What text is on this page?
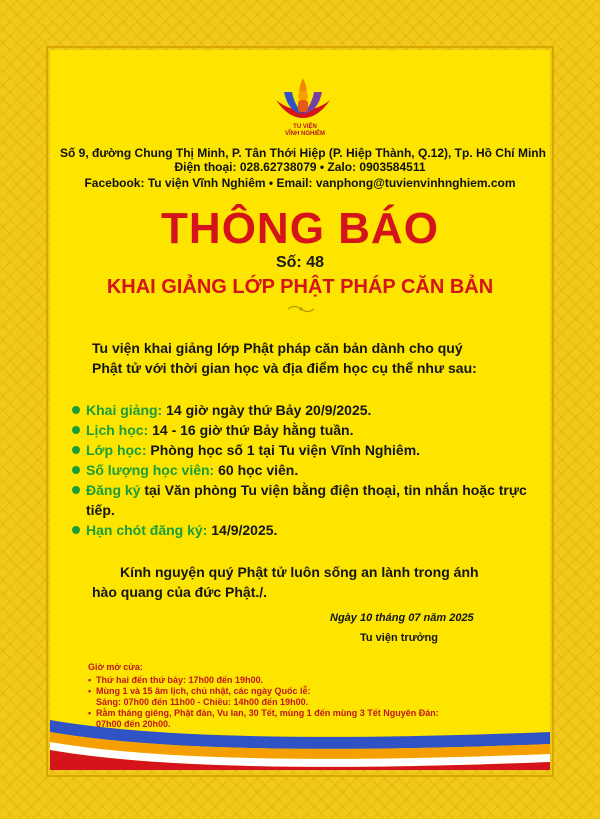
TU VIỆN
VĨNH NGHIÊM
Số 9, đường Chung Thị Minh, P. Tân Thới Hiệp (P. Hiệp Thành, Q.12), Tp. Hồ Chí Minh
Điện thoại: 028.62738079 • Zalo: 0903584511
Facebook: Tu viện Vĩnh Nghiêm • Email: vanphong@tuvienvinhnghiem.com
THÔNG BÁO
Số: 48
KHAI GIẢNG LỚP PHẬT PHÁP CĂN BẢN
Tu viện khai giảng lớp Phật pháp căn bản dành cho quý
Phật tử với thời gian học và địa điểm học cụ thể như sau:
Khai giảng: 14 giờ ngày thứ Bảy 20/9/2025.
Lịch học: 14 - 16 giờ thứ Bảy hằng tuần.
Lớp học: Phòng học số 1 tại Tu viện Vĩnh Nghiêm.
Số lượng học viên: 60 học viên.
Đăng ký tại Văn phòng Tu viện bằng điện thoại, tin nhắn hoặc trực tiếp.
Hạn chót đăng ký: 14/9/2025.
Kính nguyện quý Phật tử luôn sống an lành trong ánh
hào quang của đức Phật./.
Ngày 10 tháng 07 năm 2025
Tu viện trưởng
Giờ mở cửa:
• Thứ hai đến thứ bảy: 17h00 đến 19h00.
• Mùng 1 và 15 âm lịch, chủ nhật, các ngày Quốc lễ:
Sáng: 07h00 đến 11h00 - Chiều: 14h00 đến 19h00.
• Rằm tháng giêng, Phật đản, Vu lan, 30 Tết, mùng 1 đến mùng 3 Tết Nguyên Đán:
07h00 đến 20h00.
